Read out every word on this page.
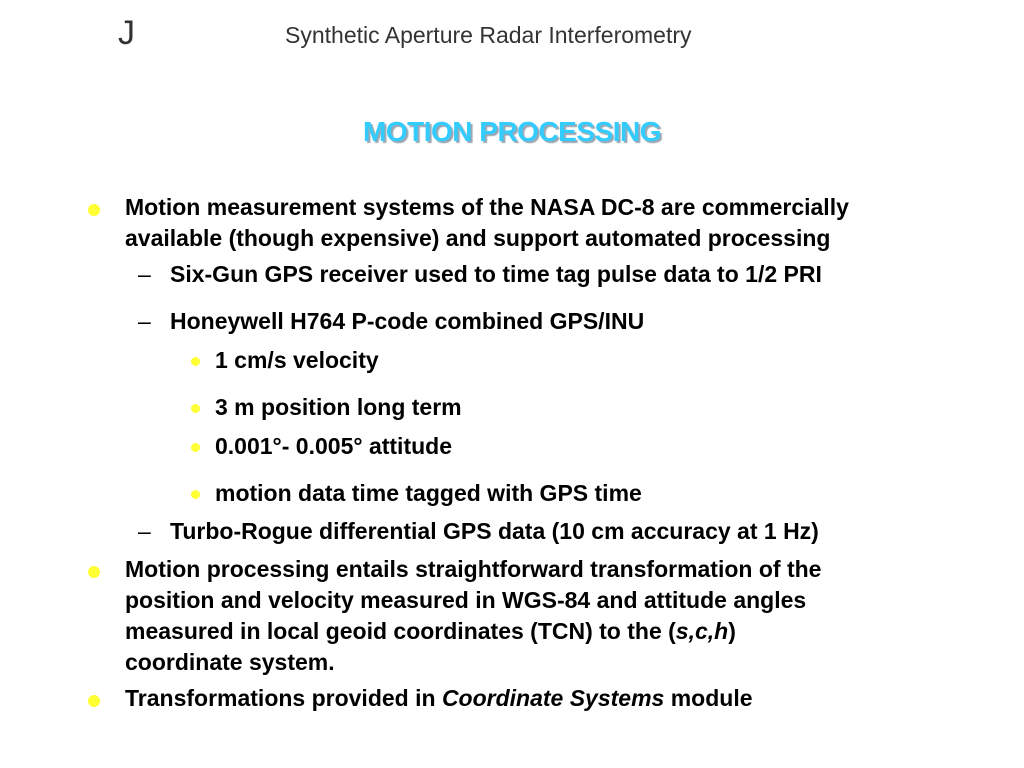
J	Synthetic Aperture Radar Interferometry
MOTION PROCESSING
Motion measurement systems of the NASA DC-8 are commercially
available (though expensive) and support automated processing
– Six-Gun GPS receiver used to time tag pulse data to 1/2 PRI
– Honeywell H764 P-code combined GPS/INU
1 cm/s velocity
3 m position long term
0.001°- 0.005° attitude
motion data time tagged with GPS time
– Turbo-Rogue differential GPS data (10 cm accuracy at 1 Hz)
Motion processing entails straightforward transformation of the
position and velocity measured in WGS-84 and attitude angles
measured in local geoid coordinates (TCN) to the (s,c,h)
coordinate system.
Transformations provided in Coordinate Systems module
